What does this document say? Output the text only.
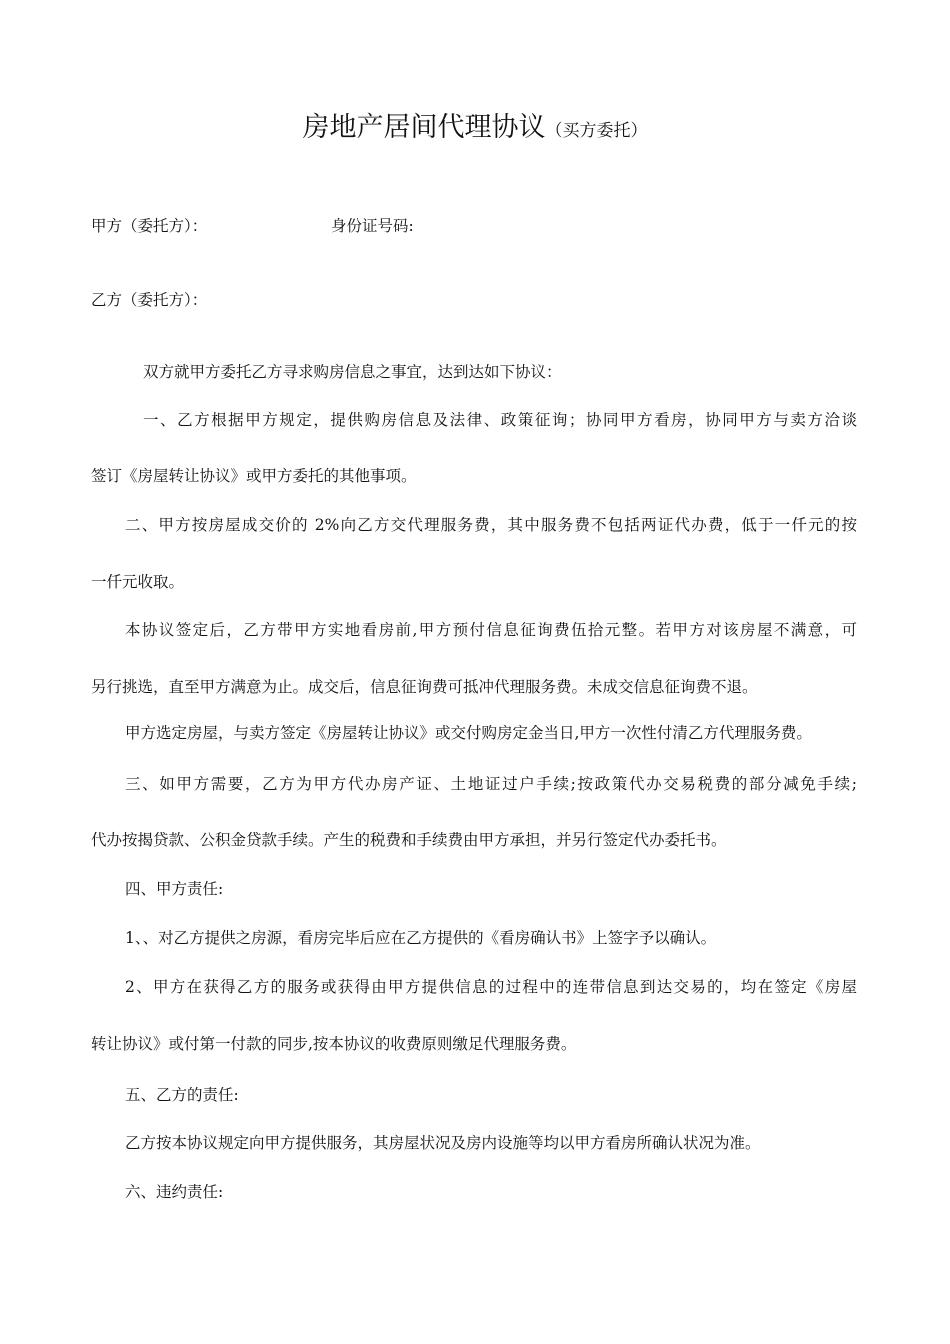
房地产居间代理协议（买方委托）
甲方（委托方）：	身份证号码:
乙方（委托方）：
双方就甲方委托乙方寻求购房信息之事宜，达到达如下协议：
一、乙方根据甲方规定，提供购房信息及法律、政策征询；协同甲方看房，协同甲方与卖方洽谈
签订《房屋转让协议》或甲方委托的其他事项。
二、甲方按房屋成交价的 2%向乙方交代理服务费，其中服务费不包括两证代办费，低于一仟元的按
一仟元收取。
本协议签定后，乙方带甲方实地看房前,甲方预付信息征询费伍拾元整。若甲方对该房屋不满意，可
另行挑选，直至甲方满意为止。成交后，信息征询费可抵冲代理服务费。未成交信息征询费不退。
甲方选定房屋，与卖方签定《房屋转让协议》或交付购房定金当日,甲方一次性付清乙方代理服务费。
三、如甲方需要，乙方为甲方代办房产证、土地证过户手续;按政策代办交易税费的部分减免手续;
代办按揭贷款、公积金贷款手续。产生的税费和手续费由甲方承担，并另行签定代办委托书。
四、甲方责任:
1、、对乙方提供之房源，看房完毕后应在乙方提供的《看房确认书》上签字予以确认。
2、甲方在获得乙方的服务或获得由甲方提供信息的过程中的连带信息到达交易的，均在签定《房屋
转让协议》或付第一付款的同步,按本协议的收费原则缴足代理服务费。
五、乙方的责任:
乙方按本协议规定向甲方提供服务，其房屋状况及房内设施等均以甲方看房所确认状况为准。
六、违约责任:
